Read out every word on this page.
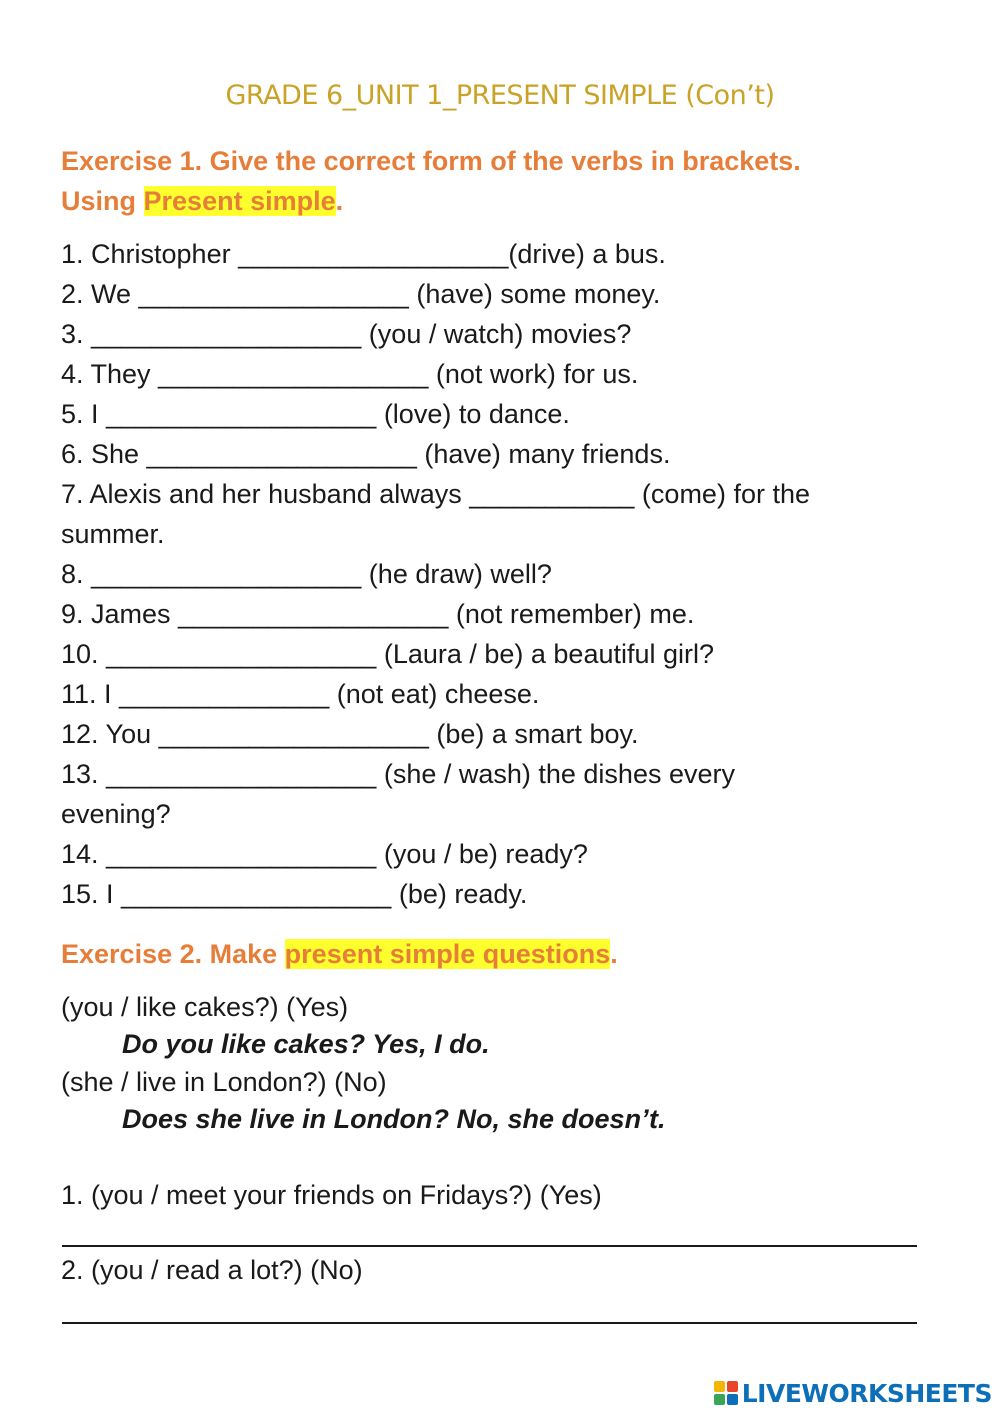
GRADE 6_UNIT 1_PRESENT SIMPLE (Con’t)
Exercise 1. Give the correct form of the verbs in brackets.
Using Present simple.
1. Christopher __________________(drive) a bus.
2. We __________________ (have) some money.
3. __________________ (you / watch) movies?
4. They __________________ (not work) for us.
5. I __________________ (love) to dance.
6. She __________________ (have) many friends.
7. Alexis and her husband always ___________ (come) for the
summer.
8. __________________ (he draw) well?
9. James __________________ (not remember) me.
10. __________________ (Laura / be) a beautiful girl?
11. I ______________ (not eat) cheese.
12. You __________________ (be) a smart boy.
13. __________________ (she / wash) the dishes every
evening?
14. __________________ (you / be) ready?
15. I __________________ (be) ready.
Exercise 2. Make present simple questions.
(you / like cakes?) (Yes)
Do you like cakes? Yes, I do.
(she / live in London?) (No)
Does she live in London? No, she doesn’t.
1. (you / meet your friends on Fridays?) (Yes)
2. (you / read a lot?) (No)
LIVEWORKSHEETS
